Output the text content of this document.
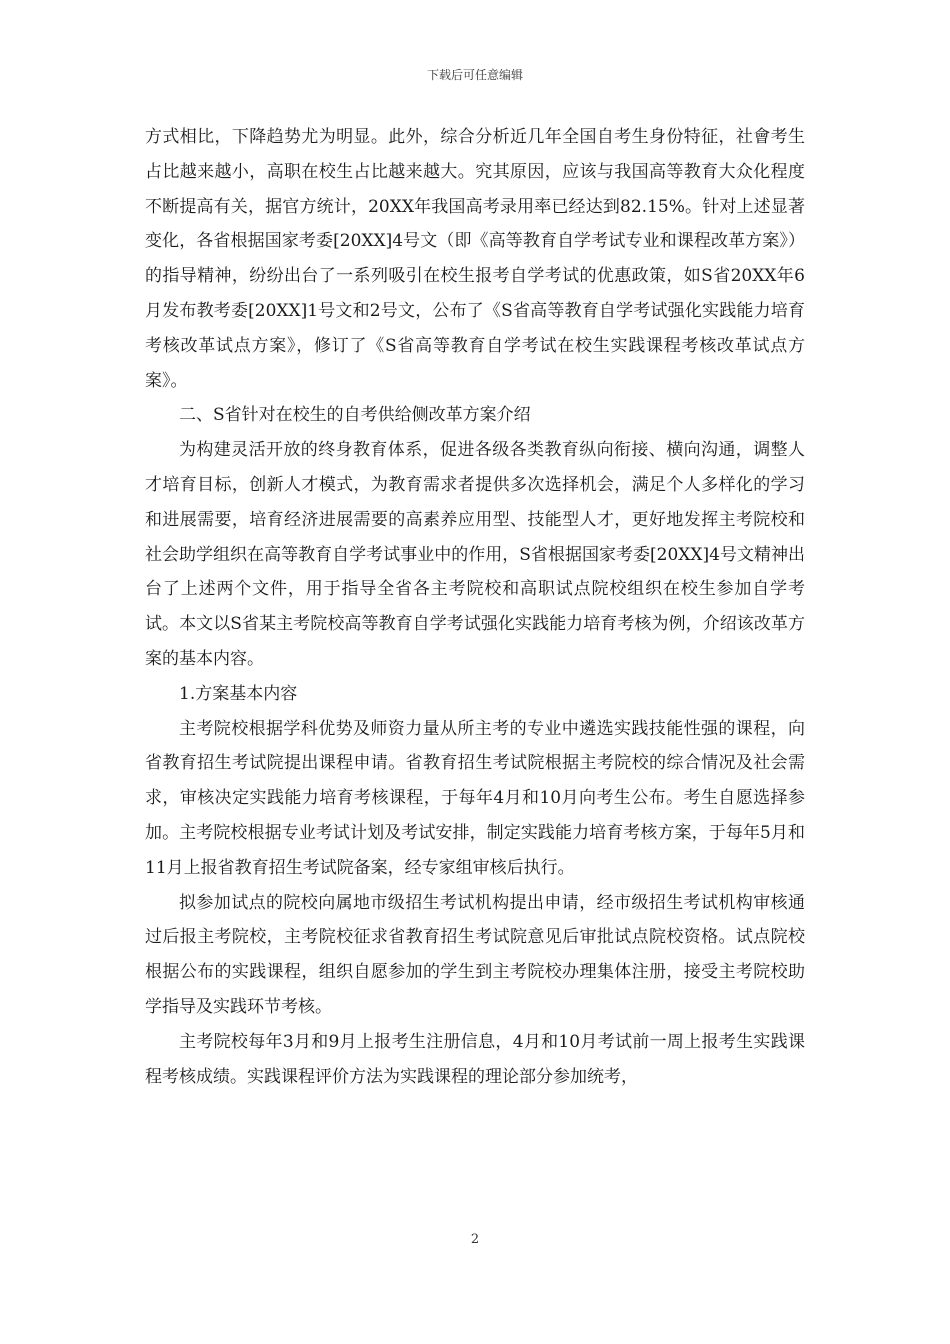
下载后可任意编辑

方式相比，下降趋势尤为明显。此外，综合分析近几年全国自考生身份特征，社會考生占比越来越小，高职在校生占比越来越大。究其原因，应该与我国高等教育大众化程度不断提高有关，据官方统计，20XX年我国高考录用率已经达到82.15%。针对上述显著变化，各省根据国家考委[20XX]4号文（即《高等教育自学考试专业和课程改革方案》）的指导精神，纷纷出台了一系列吸引在校生报考自学考试的优惠政策，如S省20XX年6月发布教考委[20XX]1号文和2号文，公布了《S省高等教育自学考试强化实践能力培育考核改革试点方案》，修订了《S省高等教育自学考试在校生实践课程考核改革试点方案》。

二、S省针对在校生的自考供给侧改革方案介绍

为构建灵活开放的终身教育体系，促进各级各类教育纵向衔接、横向沟通，调整人才培育目标，创新人才模式，为教育需求者提供多次选择机会，满足个人多样化的学习和进展需要，培育经济进展需要的高素养应用型、技能型人才，更好地发挥主考院校和社会助学组织在高等教育自学考试事业中的作用，S省根据国家考委[20XX]4号文精神出台了上述两个文件，用于指导全省各主考院校和高职试点院校组织在校生参加自学考试。本文以S省某主考院校高等教育自学考试强化实践能力培育考核为例，介绍该改革方案的基本内容。

1.方案基本内容

主考院校根据学科优势及师资力量从所主考的专业中遴选实践技能性强的课程，向省教育招生考试院提出课程申请。省教育招生考试院根据主考院校的综合情况及社会需求，审核决定实践能力培育考核课程，于每年4月和10月向考生公布。考生自愿选择参加。主考院校根据专业考试计划及考试安排，制定实践能力培育考核方案，于每年5月和11月上报省教育招生考试院备案，经专家组审核后执行。

拟参加试点的院校向属地市级招生考试机构提出申请，经市级招生考试机构审核通过后报主考院校，主考院校征求省教育招生考试院意见后审批试点院校资格。试点院校根据公布的实践课程，组织自愿参加的学生到主考院校办理集体注册，接受主考院校助学指导及实践环节考核。

主考院校每年3月和9月上报考生注册信息，4月和10月考试前一周上报考生实践课程考核成绩。实践课程评价方法为实践课程的理论部分参加统考，

2
